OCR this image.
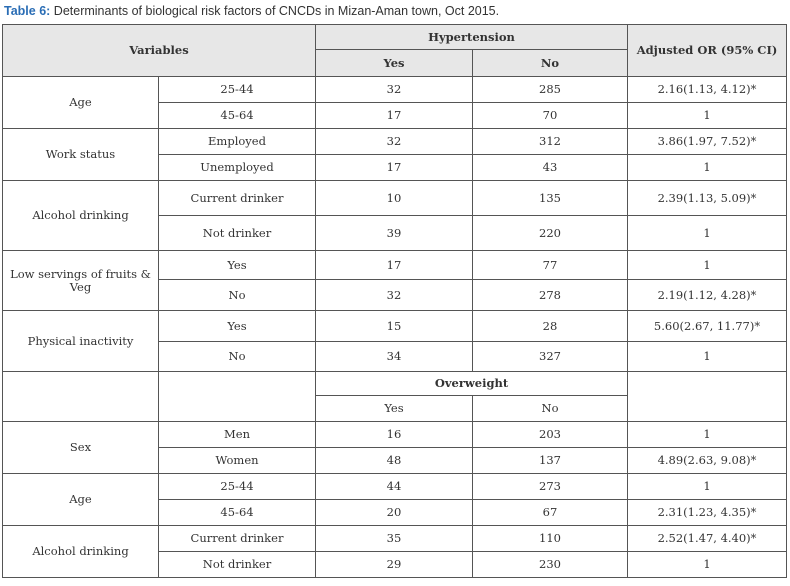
Table 6: Determinants of biological risk factors of CNCDs in Mizan-Aman town, Oct 2015.
Variables		Hypertension		Adjusted OR (95% CI)
		Yes	No	
Age	25-44	32	285	2.16(1.13, 4.12)*
	45-64	17	70	1
Work status	Employed	32	312	3.86(1.97, 7.52)*
	Unemployed	17	43	1
Alcohol drinking	Current drinker	10	135	2.39(1.13, 5.09)*
	Not drinker	39	220	1
Low servings of fruits & Veg	Yes	17	77	1
	No	32	278	2.19(1.12, 4.28)*
Physical inactivity	Yes	15	28	5.60(2.67, 11.77)*
	No	34	327	1
		Overweight		
		Yes	No	
Sex	Men	16	203	1
	Women	48	137	4.89(2.63, 9.08)*
Age	25-44	44	273	1
	45-64	20	67	2.31(1.23, 4.35)*
Alcohol drinking	Current drinker	35	110	2.52(1.47, 4.40)*
	Not drinker	29	230	1
